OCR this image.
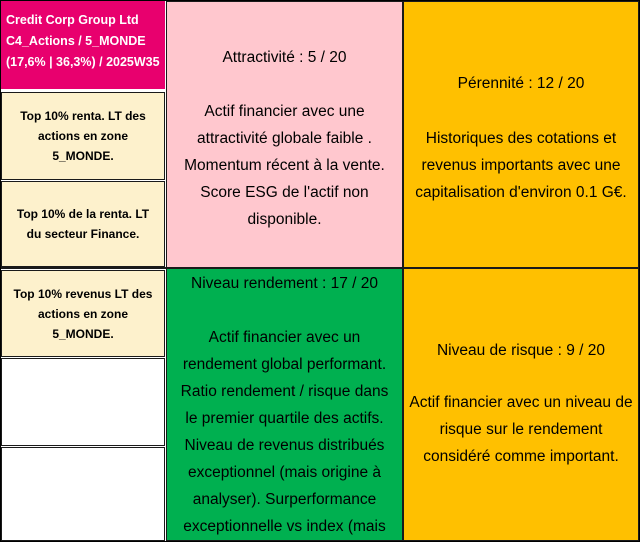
Credit Corp Group Ltd
C4_Actions / 5_MONDE
(17,6% | 36,3%) / 2025W35
Top 10% renta. LT des actions en zone 5_MONDE.
Top 10% de la renta. LT du secteur Finance.
Top 10% revenus LT des actions en zone 5_MONDE.
Attractivité : 5 / 20
Actif financier avec une attractivité globale faible . Momentum récent à la vente. Score ESG de l'actif non disponible.
Pérennité : 12 / 20
Historiques des cotations et revenus importants avec une capitalisation d'environ 0.1 G€.
Niveau rendement : 17 / 20
Actif financier avec un rendement global performant. Ratio rendement / risque dans le premier quartile des actifs. Niveau de revenus distribués exceptionnel (mais origine à analyser). Surperformance exceptionnelle vs index (mais
Niveau de risque : 9 / 20
Actif financier avec un niveau de risque sur le rendement considéré comme important.
